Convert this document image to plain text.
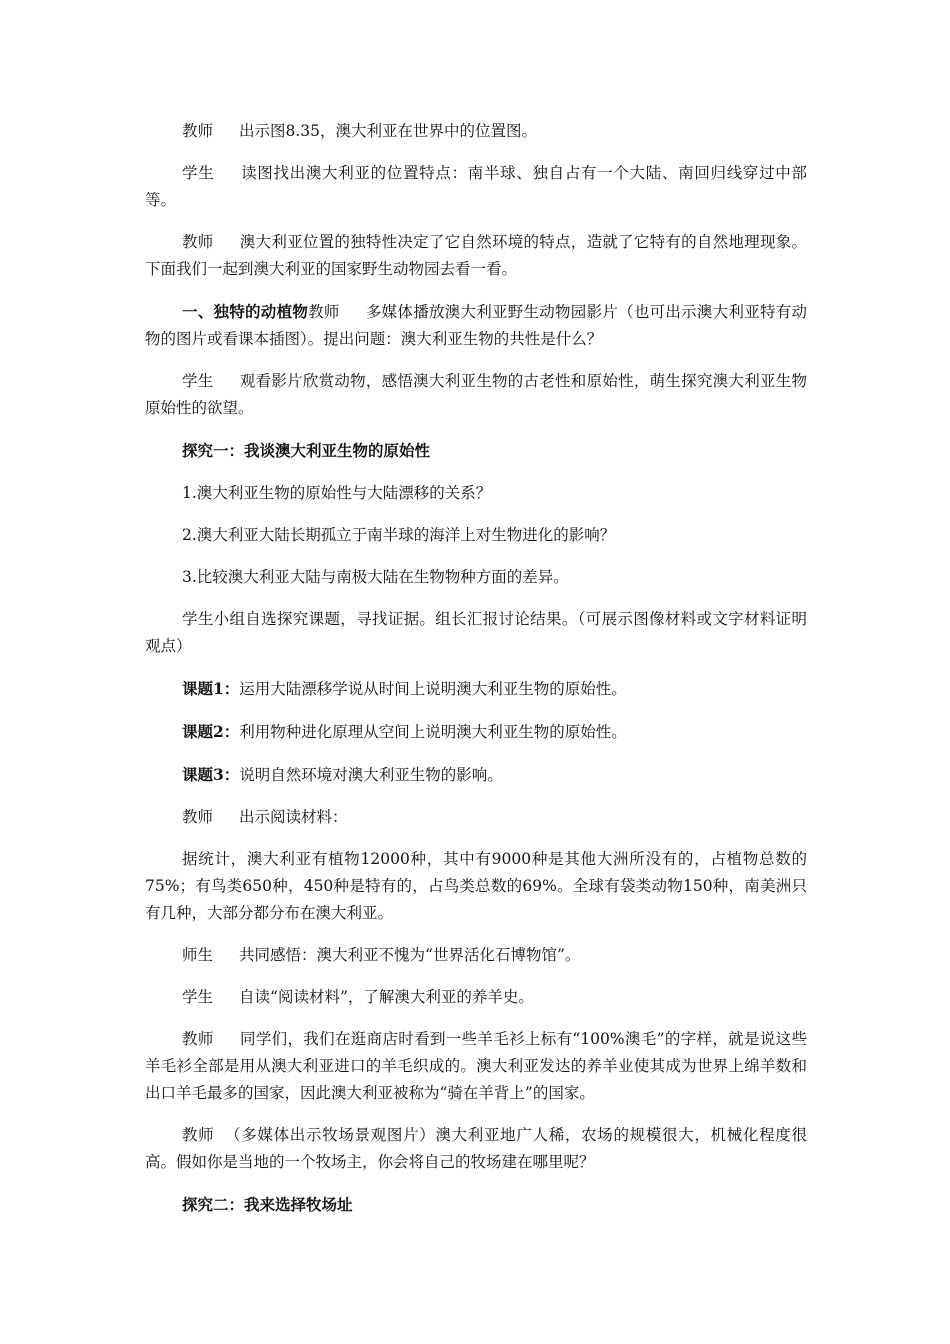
教师 出示图8.35，澳大利亚在世界中的位置图。

学生 读图找出澳大利亚的位置特点：南半球、独自占有一个大陆、南回归线穿过中部等。

教师 澳大利亚位置的独特性决定了它自然环境的特点，造就了它特有的自然地理现象。下面我们一起到澳大利亚的国家野生动物园去看一看。

一、独特的动植物教师 多媒体播放澳大利亚野生动物园影片（也可出示澳大利亚特有动物的图片或看课本插图）。提出问题：澳大利亚生物的共性是什么？

学生 观看影片欣赏动物，感悟澳大利亚生物的古老性和原始性，萌生探究澳大利亚生物原始性的欲望。

探究一：我谈澳大利亚生物的原始性

1.澳大利亚生物的原始性与大陆漂移的关系？

2.澳大利亚大陆长期孤立于南半球的海洋上对生物进化的影响？

3.比较澳大利亚大陆与南极大陆在生物物种方面的差异。

学生小组自选探究课题，寻找证据。组长汇报讨论结果。（可展示图像材料或文字材料证明观点）

课题1：运用大陆漂移学说从时间上说明澳大利亚生物的原始性。

课题2：利用物种进化原理从空间上说明澳大利亚生物的原始性。

课题3：说明自然环境对澳大利亚生物的影响。

教师 出示阅读材料：

据统计，澳大利亚有植物12000种，其中有9000种是其他大洲所没有的，占植物总数的75%；有鸟类650种，450种是特有的，占鸟类总数的69%。全球有袋类动物150种，南美洲只有几种，大部分都分布在澳大利亚。

师生 共同感悟：澳大利亚不愧为“世界活化石博物馆”。

学生 自读“阅读材料”，了解澳大利亚的养羊史。

教师 同学们，我们在逛商店时看到一些羊毛衫上标有“100%澳毛”的字样，就是说这些羊毛衫全部是用从澳大利亚进口的羊毛织成的。澳大利亚发达的养羊业使其成为世界上绵羊数和出口羊毛最多的国家，因此澳大利亚被称为“骑在羊背上”的国家。

教师 （多媒体出示牧场景观图片）澳大利亚地广人稀，农场的规模很大，机械化程度很高。假如你是当地的一个牧场主，你会将自己的牧场建在哪里呢？

探究二：我来选择牧场址
